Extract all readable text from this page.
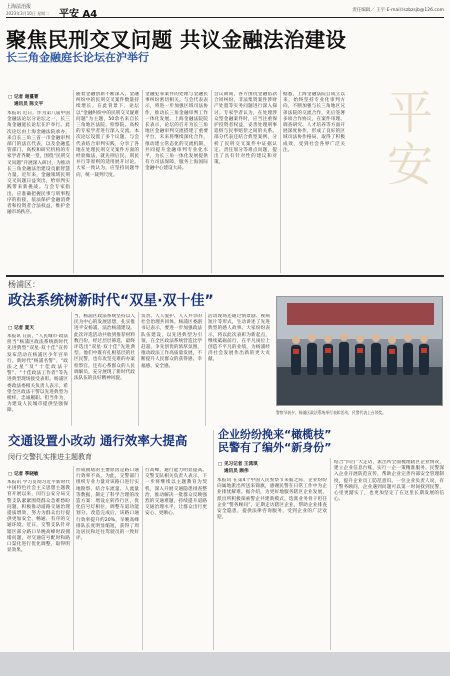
上海法治报
2023年3月10日 星期二 平安 A4	责任编辑／ 王宇 E-mail:lszbzsjb@126.com
聚焦民刑交叉问题 共议金融法治建设
长三角金融庭长论坛在沪举行
平安
□ 记者 谢蔓菁
通讯员 陈文平
本报讯 近日，作为第八届中国金融法论坛分论坛之一，长三角金融庭长论坛在沪举行。此次论坛由上海金融法院承办，来自长三角三省一市金融审判部门的法官代表，以及金融监管部门、高校和研究机构的专家学者齐聚一堂，围绕“民刑交叉问题”开展深入研讨，为推动长三角金融法治建设贡献智慧力量。近年来，金融领域民刑交叉问题日益突出，给审判实践带来新挑战。与会专家指出，应准确把握民事与刑事程序的衔接，依法保护金融消费者和投资者合法权益，维护金融市场秩序。
随着金融创新不断深入，金融纠纷中的民刑交叉案件数量持续增长。在此背景下，论坛以“金融纠纷中的民刑交叉疑难问题”为主题，50余名来自长三角地区法院、检察院、高校的专家学者进行深入交流。本次论坛设置了多个议题，与会代表结合审判实践，分享了各地在处理民刑交叉案件方面的经验做法，就先刑后民、刑民并行等原则的适用展开讨论。大家一致认为，应坚持问题导向，统一裁判尺度。
金融犯罪案件的处理与金融民事纠纷密切相关。与会代表表示，将进一步加强区域司法协作，推动长三角金融审判工作一体化发展。上海金融法院院长表示，论坛的召开为长三角地区金融审判交流搭建了重要平台，未来将继续深化合作，推动建立常态化的交流机制，共同提升金融审判专业化水平，为长三角一体化发展提供有力司法保障，服务上海国际金融中心建设大局。
会议期间，各方围绕金融借款合同纠纷、非法集资案件涉财产处置等实务问题进行深入探讨。专家学者认为，在处理涉众型金融案件时，应当注重保护投资者权益，妥善处理刑事追赃与民事赔偿之间的关系。部分代表还结合典型案例，分析了民刑交叉案件中证据认定、责任划分等难点问题，提出了具有针对性的建议和对策。
据悉，上海金融法院自成立以来，始终坚持专业化审判方向，不断加强与长三角地区兄弟法院的交流合作，先后签署多项合作协议，在案件审理、调查研究、人才培养等方面开展深度协作，形成了良好的区域司法协作格局，取得了积极成效，受到社会各界广泛关注。
杨浦区：
政法系统树新时代“双星·双十佳”
□ 记者 夏天
本报讯 日前，“人民城市·政法担当”杨浦区政法系统新时代先进典型“双星·双十佳”宣传发布活动在杨浦区少年宫举行。新时代“杨浦名警”、“政法之星”及“十佳政法干警”、“十佳政法工作者”等先进典型现场接受表彰。杨浦区委政法委相关负责人表示，希望全区政法干警以先进典型为榜样，忠诚履职、担当作为，为建设人民城市提供坚强保障。
当，杨浦区政法系统坚持以人民为中心的发展思想，扎实推进平安杨浦、法治杨浦建设。此次评选活动共收到推荐材料数百份，经过层层筛选，最终评选出“双星·双十佳”先进典型。他们中既有扎根基层的社区民警，也有攻坚克难的办案检察官，还有心系群众的人民调解员，充分展现了新时代政法队伍的良好精神风貌。
负责、人人爱护、人人共享的社会治理共同体。杨浦区委副书记表示，要进一步加强政法队伍建设，以先进典型为引领，在全区政法系统营造比学赶超、争先创优的浓厚氛围，推动政法工作高质量发展，不断提升人民群众的获得感、幸福感、安全感。
活动现场还通过情景剧、视频短片等形式，生动讲述了先进典型的感人故事。大家纷纷表示，将以此次表彰为新起点，继续砥砺前行，在平凡岗位上创造不平凡的业绩，为杨浦经济社会发展作出新的更大贡献。
警察节前夕，杨浦区政法系统举行表彰活动，民警代表上台领奖。
交通设置小改动 通行效率大提高
闵行交警扎实推进主题教育
□ 记者 季晓敏
本报讯 学习贯彻习近平新时代中国特色社会主义思想主题教育开展以来，闵行公安分局交警支队紧紧围绕群众急难愁盼问题，积极推动道路交通治理提质增效，努力为群众出行提供更加安全、畅通、有序的交通环境。近日，交警支队针对辖区部分路口早晚高峰时段拥堵问题，对交通信号配时和路口渠化进行优化调整，取得明显效果。
形成拥堵的主要原因是路口通行效率不高。为此，交警部门组织专业力量对该路口进行实地勘察，结合车流量、人流量等数据，制定了科学合理的改造方案：增设左转待行区，优化信号灯相位，调整车道功能划分。改造完成后，该路口通行效率提升约20%，早晚高峰排队长度明显缩短，获得了周边居民和过往驾驶员的一致好评。
行高峰，通行能力明显提高。交警支队相关负责人表示，下一步将继续以主题教育为契机，深入开展交通隐患排查整治，推动解决一批群众反映强烈的交通难题，持续提升道路交通治理水平，让群众出行更安心、更顺心。
企业纷纷挽来“橄榄枝”
民警有了编外“新身份”
□ 见习记者 王鸿琪
通讯员 顾伟
本报讯 在第4个中国人民警察节来临之际，企业纷纷向属地派出所送来锦旗，感谢民警在日常工作中为企业排忧解难。据介绍，为更好地服务辖区企业发展，派出所积极探索警企共建新模式，选派业务骨干担任企业“警务顾问”，定期走访辖区企业，帮助企业排查安全隐患，提供法律咨询服务，受到企业的广泛欢迎。
结合“四百”大走访，派出所全面梳理辖区企业情况，建立企业信息台账，实行一企一策精准服务。民警深入企业开展防范宣传，帮助企业完善内部安全管理制度，提升企业员工防范意识。一位企业负责人说，有了警务顾问，企业遇到问题可以第一时间找到民警，心里更踏实了，也更加坚定了在这里长期发展的信心。
